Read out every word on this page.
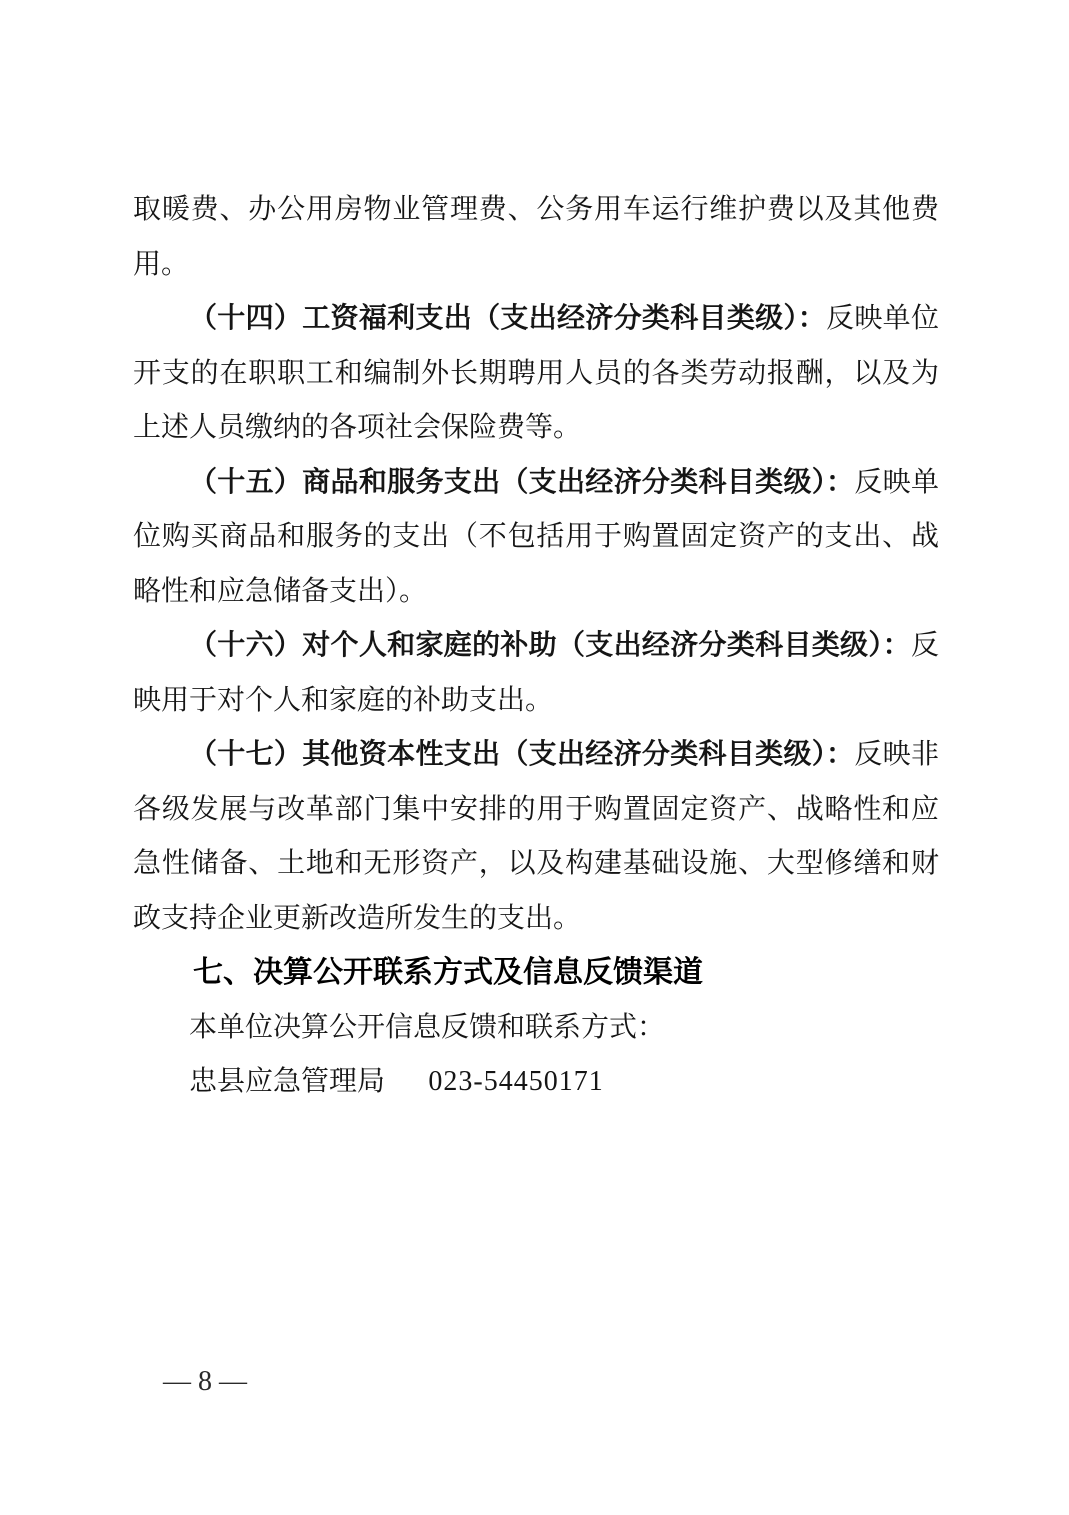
取暖费、办公用房物业管理费、公务用车运行维护费以及其他费用。

（十四）工资福利支出（支出经济分类科目类级）：反映单位开支的在职职工和编制外长期聘用人员的各类劳动报酬，以及为上述人员缴纳的各项社会保险费等。

（十五）商品和服务支出（支出经济分类科目类级）：反映单位购买商品和服务的支出（不包括用于购置固定资产的支出、战略性和应急储备支出）。

（十六）对个人和家庭的补助（支出经济分类科目类级）：反映用于对个人和家庭的补助支出。

（十七）其他资本性支出（支出经济分类科目类级）：反映非各级发展与改革部门集中安排的用于购置固定资产、战略性和应急性储备、土地和无形资产，以及构建基础设施、大型修缮和财政支持企业更新改造所发生的支出。

七、决算公开联系方式及信息反馈渠道

本单位决算公开信息反馈和联系方式：

忠县应急管理局 023-54450171

— 8 —
